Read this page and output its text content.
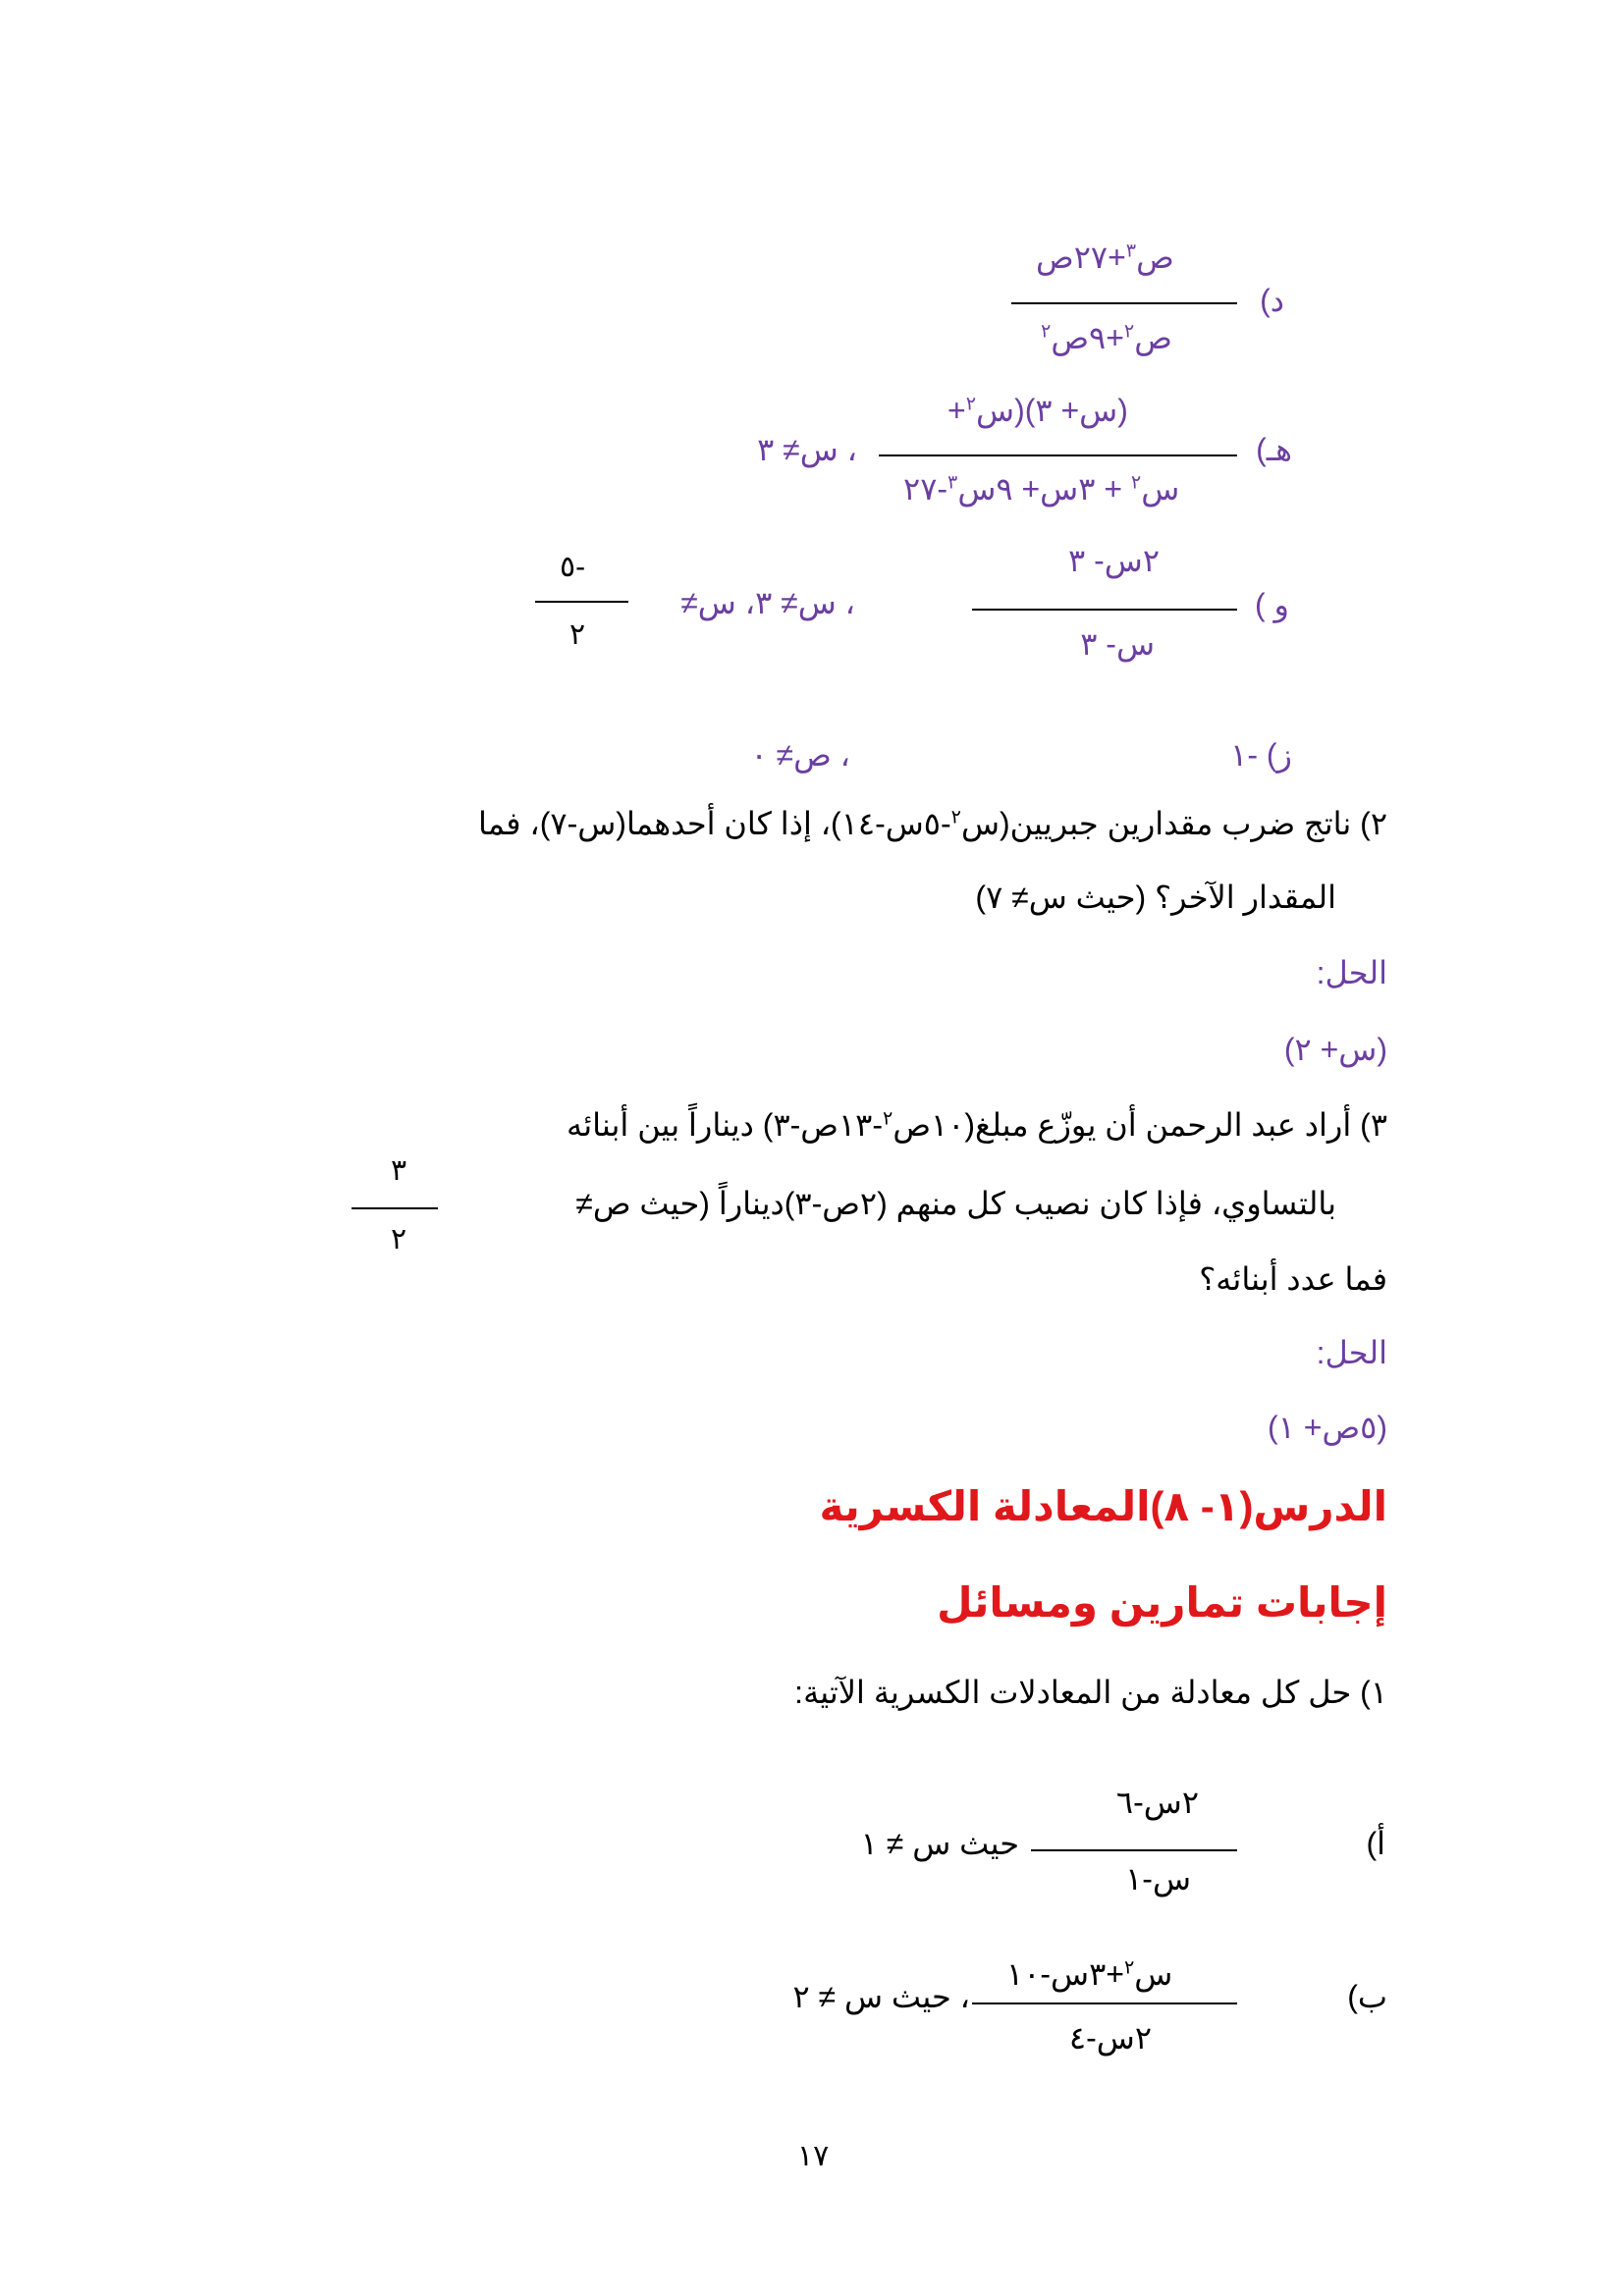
د)
ص$^٣$+٢٧ص
ص$^٢$+٩ص$^٢$
هـ)
(س+ ٣)(س$^٢$+
س$^٢$ + ٣س+ ٩س$^٣$-٢٧
، س≠ ٣
و )
٢س- ٣
س- ٣
، س≠ ٣، س≠
-٥
٢
ز) -١
، ص≠ ٠
٢) ناتج ضرب مقدارين جبريين(س$^٢$-٥س-١٤)، إذا كان أحدهما(س-٧)، فما
المقدار الآخر؟ (حيث س≠ ٧)
الحل:
(س+ ٢)
٣) أراد عبد الرحمن أن يوزّع مبلغ(١٠ص$^٢$-١٣ص-٣) ديناراً بين أبنائه
بالتساوي، فإذا كان نصيب كل منهم (٢ص-٣)ديناراً (حيث ص≠
٣
٢
فما عدد أبنائه؟
الحل:
(٥ص+ ١)
الدرس(١- ٨)المعادلة الكسرية
إجابات تمارين ومسائل
١) حل كل معادلة من المعادلات الكسرية الآتية:
أ)
٢س-٦
س-١
حيث س ≠ ١
ب)
س$^٢$+٣س-١٠
٢س-٤
، حيث س ≠ ٢
١٧
